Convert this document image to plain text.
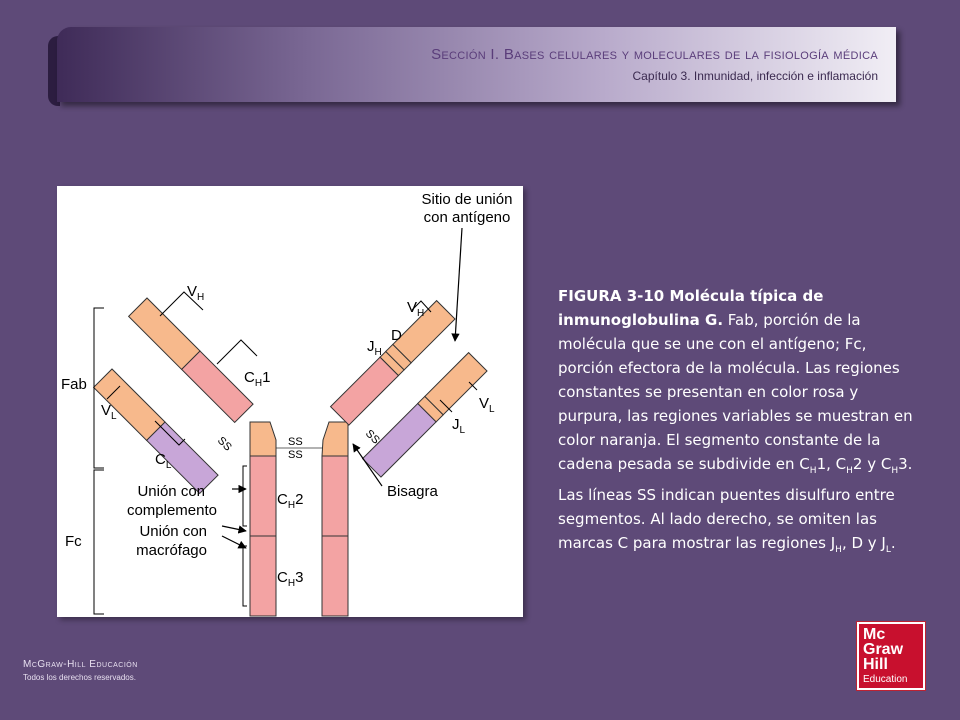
Sección I. Bases celulares y moleculares de la fisiología médica
Capítulo 3. Inmunidad, infección e inflamación
Sitio de unión
con antígeno
Fab
Fc
$V_H$
$C_H1$
$V_L$
$C_L$
SS	SS
SS
SS
$V_H$
D
$J_H$
$V_L$
$J_L$
$C_H2$
$C_H3$
Unión con
complemento
Unión con
macrófago
Bisagra
FIGURA 3-10 Molécula típica de inmunoglobulina G. Fab, porción de la molécula que se une con el antígeno; Fc, porción efectora de la molécula. Las regiones constantes se presentan en color rosa y purpura, las regiones variables se muestran en color naranja. El segmento constante de la cadena pesada se subdivide en $C_H1$, $C_H2$ y $C_H3$. Las líneas SS indican puentes disulfuro entre segmentos. Al lado derecho, se omiten las marcas C para mostrar las regiones $J_H$, D y $J_L$.
McGraw-Hill Educación
Todos los derechos reservados.
Mc
Graw
Hill
Education
